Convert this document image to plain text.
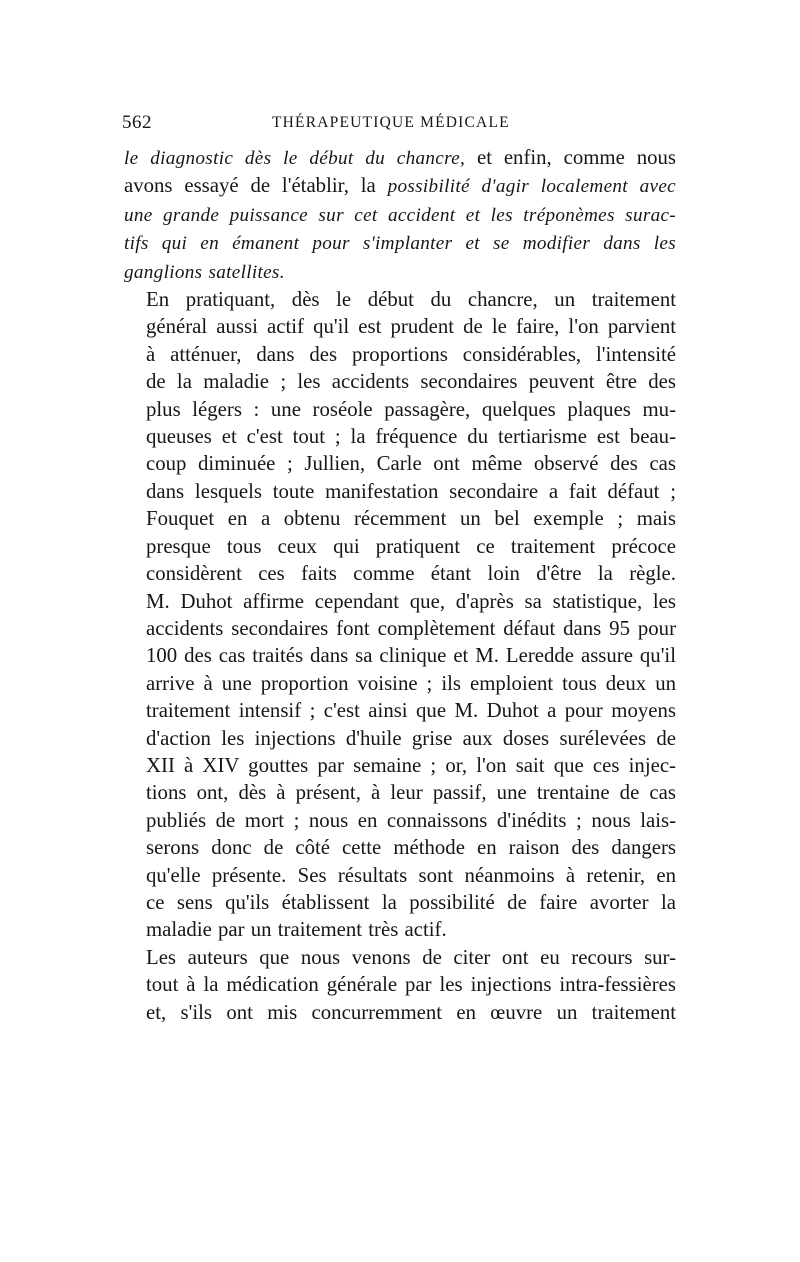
562	THÉRAPEUTIQUE MÉDICALE

le diagnostic dès le début du chancre, et enfin, comme nous
avons essayé de l'établir, la possibilité d'agir localement avec
une grande puissance sur cet accident et les tréponèmes surac-
tifs qui en émanent pour s'implanter et se modifier dans les
ganglions satellites.

En pratiquant, dès le début du chancre, un traitement
général aussi actif qu'il est prudent de le faire, l'on parvient
à atténuer, dans des proportions considérables, l'intensité
de la maladie ; les accidents secondaires peuvent être des
plus légers : une roséole passagère, quelques plaques mu-
queuses et c'est tout ; la fréquence du tertiarisme est beau-
coup diminuée ; Jullien, Carle ont même observé des cas
dans lesquels toute manifestation secondaire a fait défaut ;
Fouquet en a obtenu récemment un bel exemple ; mais
presque tous ceux qui pratiquent ce traitement précoce
considèrent ces faits comme étant loin d'être la règle.
M. Duhot affirme cependant que, d'après sa statistique, les
accidents secondaires font complètement défaut dans 95 pour
100 des cas traités dans sa clinique et M. Leredde assure qu'il
arrive à une proportion voisine ; ils emploient tous deux un
traitement intensif ; c'est ainsi que M. Duhot a pour moyens
d'action les injections d'huile grise aux doses surélevées de
XII à XIV gouttes par semaine ; or, l'on sait que ces injec-
tions ont, dès à présent, à leur passif, une trentaine de cas
publiés de mort ; nous en connaissons d'inédits ; nous lais-
serons donc de côté cette méthode en raison des dangers
qu'elle présente. Ses résultats sont néanmoins à retenir, en
ce sens qu'ils établissent la possibilité de faire avorter la
maladie par un traitement très actif.

Les auteurs que nous venons de citer ont eu recours sur-
tout à la médication générale par les injections intra-fessières
et, s'ils ont mis concurremment en œuvre un traitement
